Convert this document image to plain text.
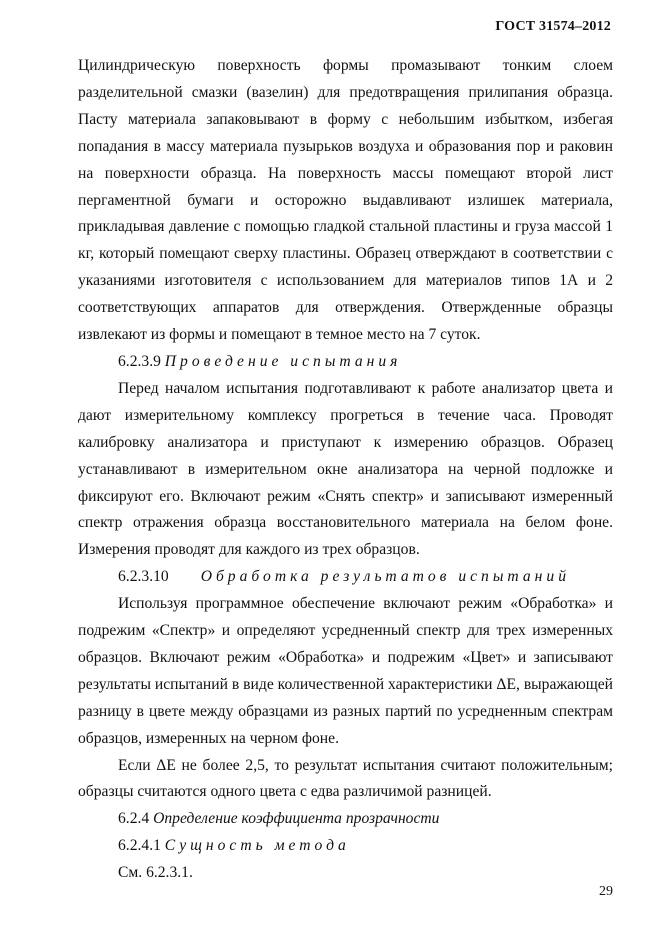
ГОСТ 31574–2012

Цилиндрическую поверхность формы промазывают тонким слоем разделительной смазки (вазелин) для предотвращения прилипания образца. Пасту материала запаковывают в форму с небольшим избытком, избегая попадания в массу материала пузырьков воздуха и образования пор и раковин на поверхности образца. На поверхность массы помещают второй лист пергаментной бумаги и осторожно выдавливают излишек материала, прикладывая давление с помощью гладкой стальной пластины и груза массой 1 кг, который помещают сверху пластины. Образец отверждают в соответствии с указаниями изготовителя с использованием для материалов типов 1А и 2 соответствующих аппаратов для отверждения. Отвержденные образцы извлекают из формы и помещают в темное место на 7 суток.

6.2.3.9 Проведение испытания

Перед началом испытания подготавливают к работе анализатор цвета и дают измерительному комплексу прогреться в течение часа. Проводят калибровку анализатора и приступают к измерению образцов. Образец устанавливают в измерительном окне анализатора на черной подложке и фиксируют его. Включают режим «Снять спектр» и записывают измеренный спектр отражения образца восстановительного материала на белом фоне. Измерения проводят для каждого из трех образцов.

6.2.3.10 Обработка результатов испытаний

Используя программное обеспечение включают режим «Обработка» и подрежим «Спектр» и определяют усредненный спектр для трех измеренных образцов. Включают режим «Обработка» и подрежим «Цвет» и записывают результаты испытаний в виде количественной характеристики ΔE, выражающей разницу в цвете между образцами из разных партий по усредненным спектрам образцов, измеренных на черном фоне.

Если ΔE не более 2,5, то результат испытания считают положительным; образцы считаются одного цвета с едва различимой разницей.

6.2.4 Определение коэффициента прозрачности

6.2.4.1 Сущность метода

См. 6.2.3.1.

29
